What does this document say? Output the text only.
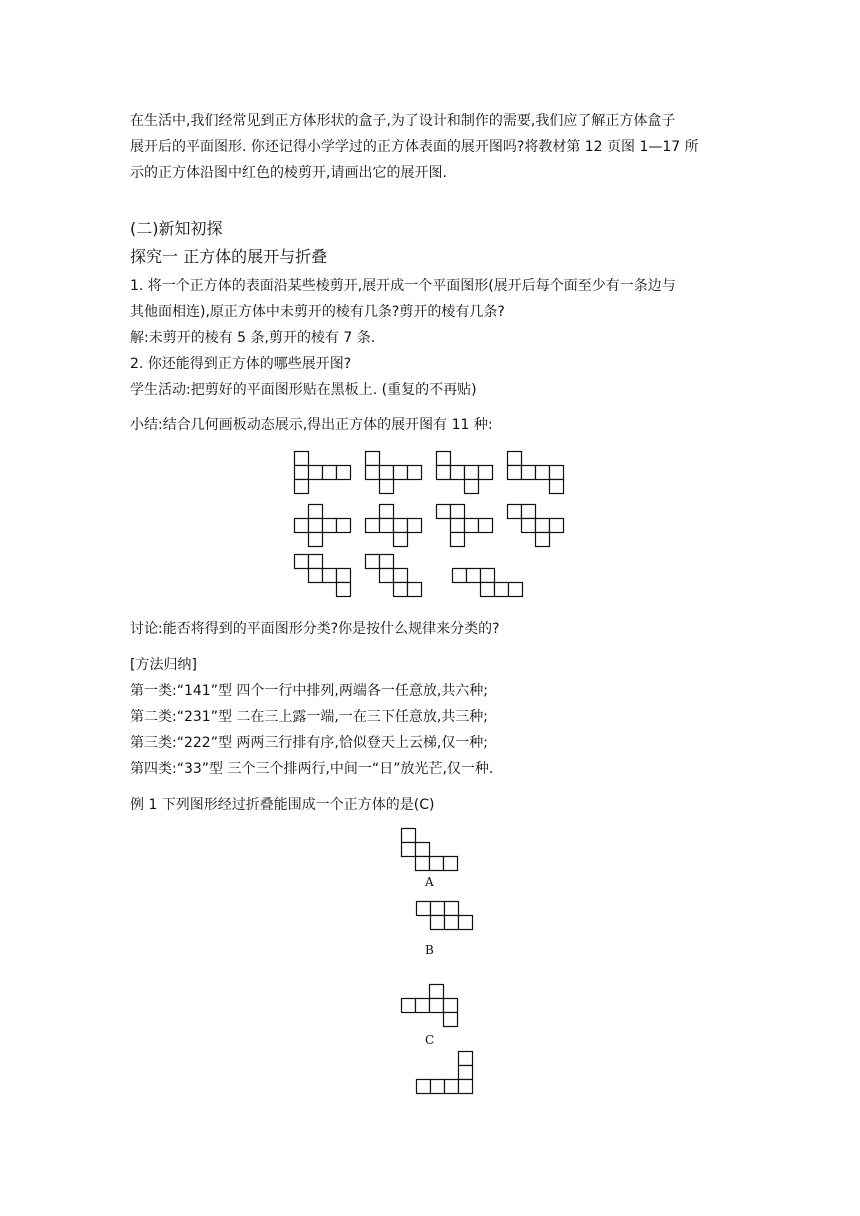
在生活中,我们经常见到正方体形状的盒子,为了设计和制作的需要,我们应了解正方体盒子
展开后的平面图形. 你还记得小学学过的正方体表面的展开图吗?将教材第 12 页图 1—17 所
示的正方体沿图中红色的棱剪开,请画出它的展开图.
(二)新知初探
探究一 正方体的展开与折叠
1. 将一个正方体的表面沿某些棱剪开,展开成一个平面图形(展开后每个面至少有一条边与
其他面相连),原正方体中未剪开的棱有几条?剪开的棱有几条?
解:未剪开的棱有 5 条,剪开的棱有 7 条.
2. 你还能得到正方体的哪些展开图?
学生活动:把剪好的平面图形贴在黑板上. (重复的不再贴)
小结:结合几何画板动态展示,得出正方体的展开图有 11 种:
讨论:能否将得到的平面图形分类?你是按什么规律来分类的?
[方法归纳]
第一类:“141”型 四个一行中排列,两端各一任意放,共六种;
第二类:“231”型 二在三上露一端,一在三下任意放,共三种;
第三类:“222”型 两两三行排有序,恰似登天上云梯,仅一种;
第四类:“33”型 三个三个排两行,中间一“日”放光芒,仅一种.
例 1 下列图形经过折叠能围成一个正方体的是(C)
A
B
C
